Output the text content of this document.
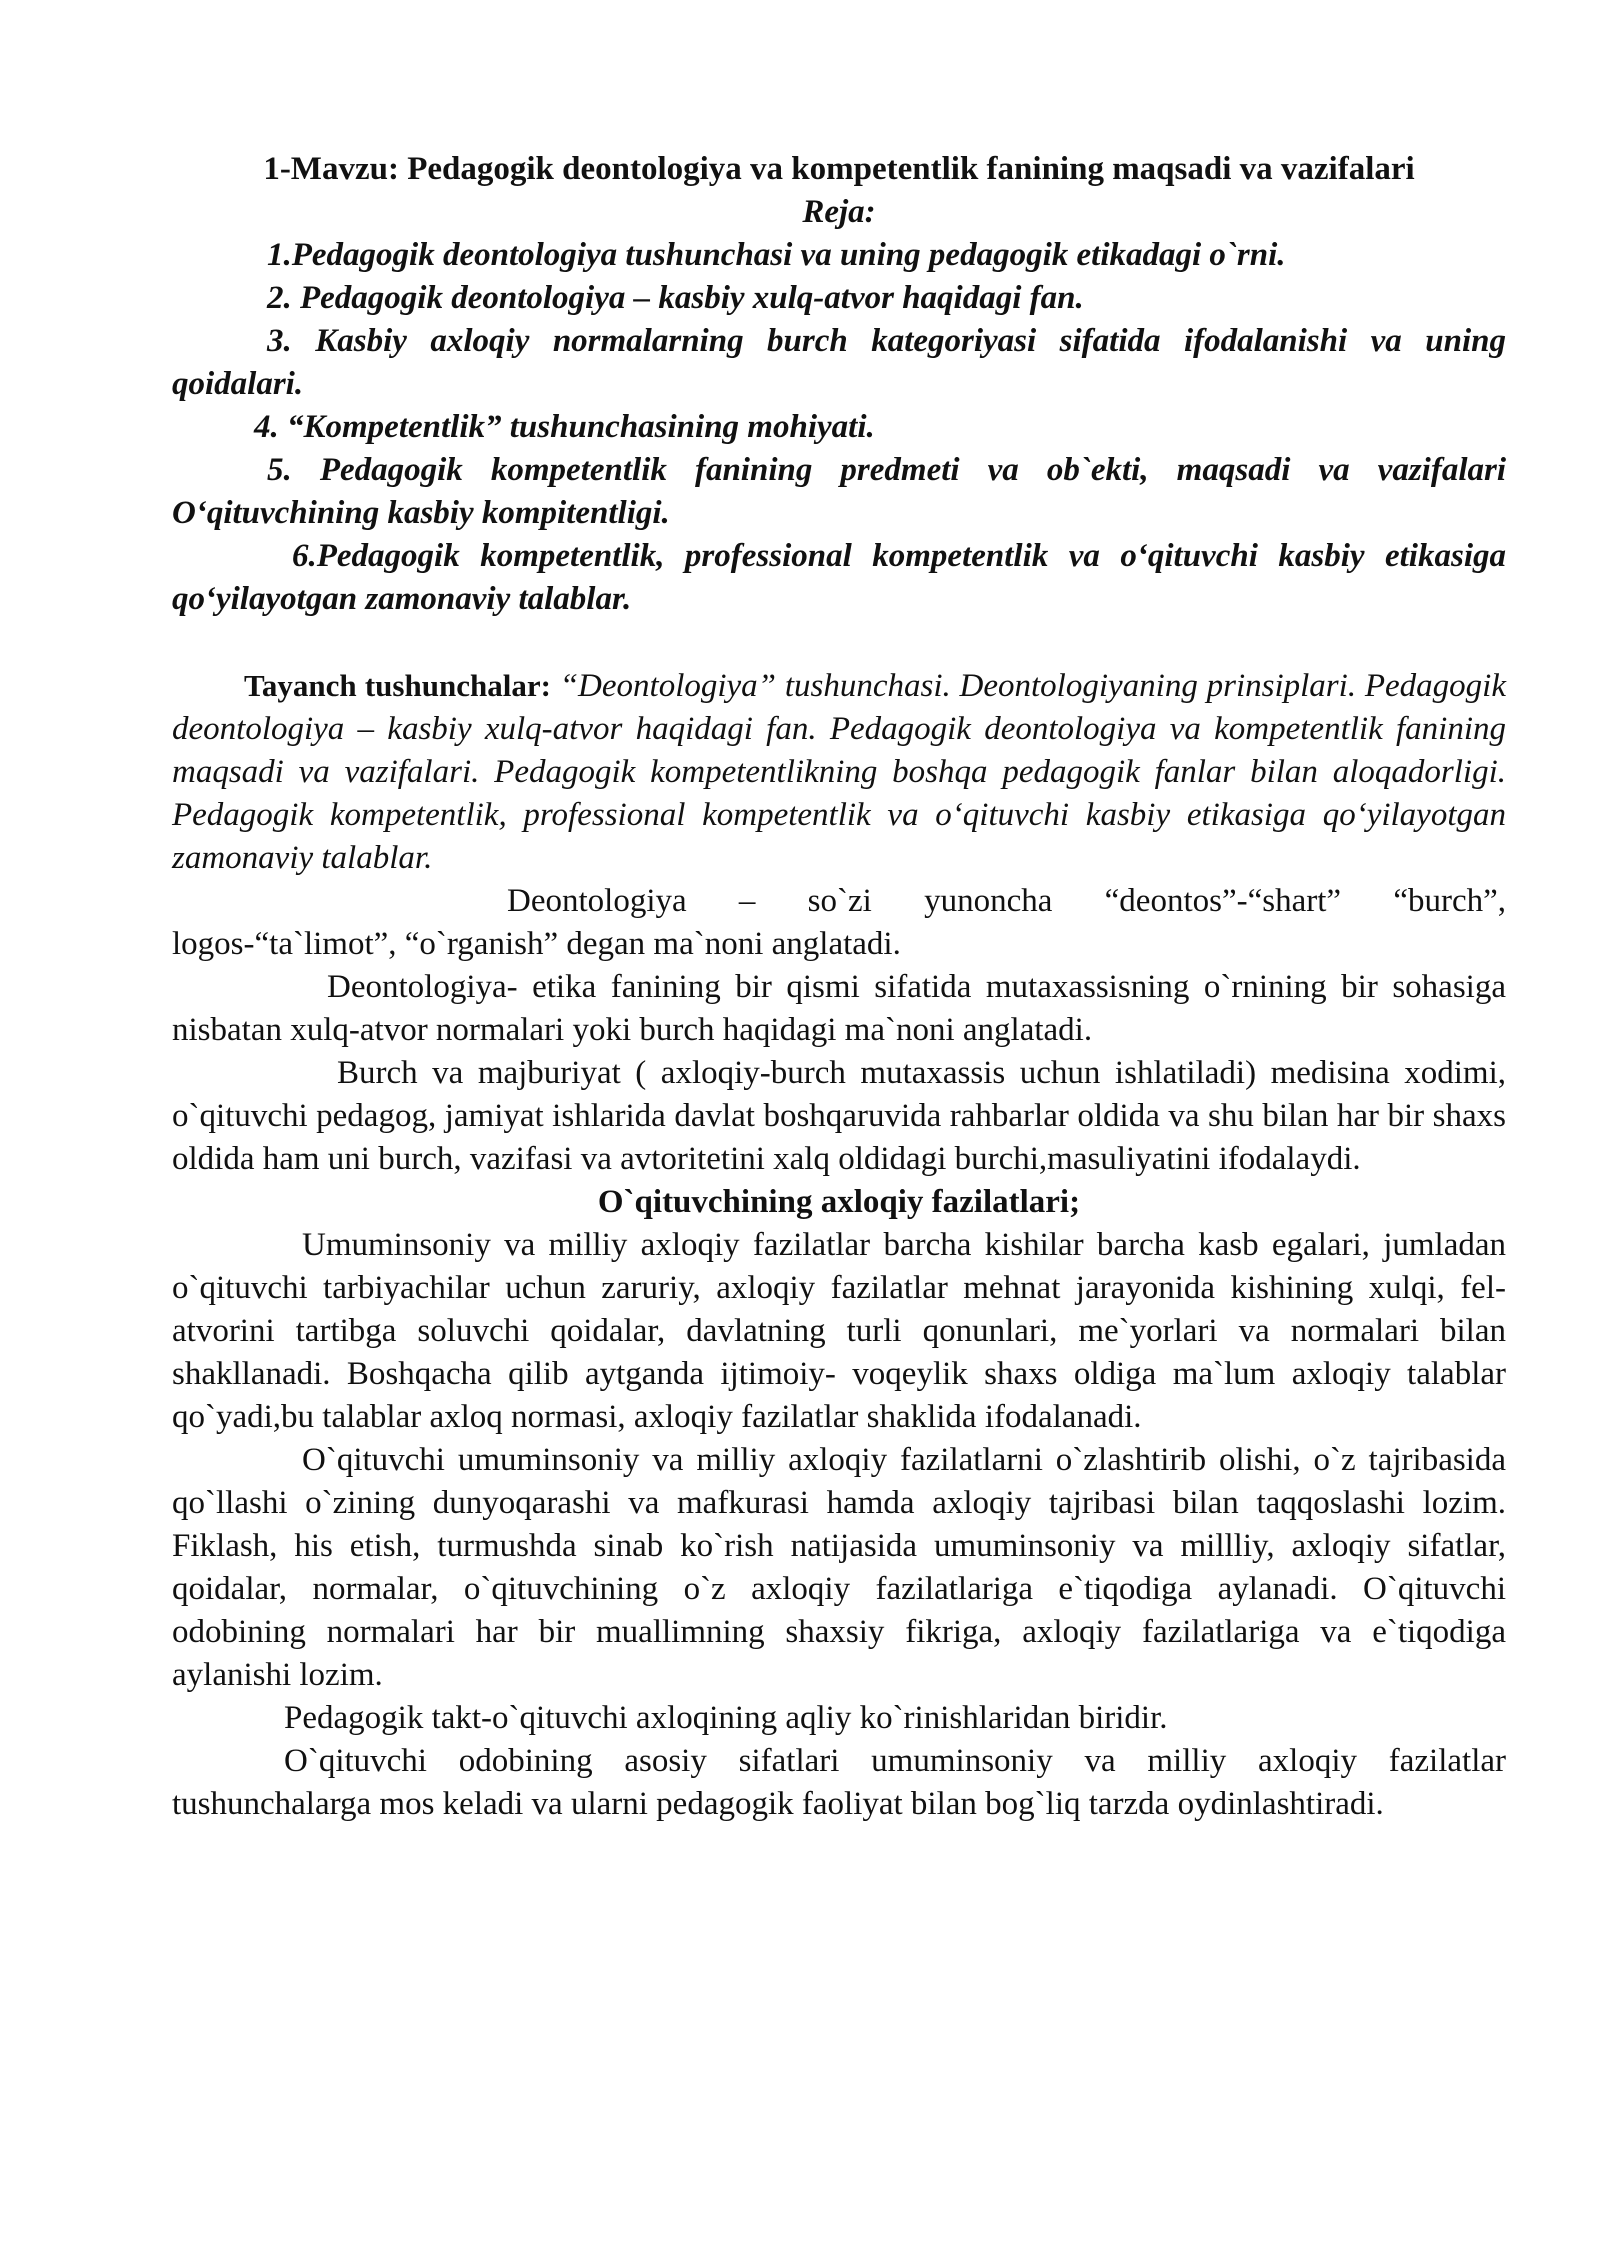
1-Mavzu: Pedagogik deontologiya va kompetentlik fanining maqsadi va vazifalari

Reja:

1.Pedagogik deontologiya tushunchasi va uning pedagogik etikadagi o`rni.
2. Pedagogik deontologiya – kasbiy xulq-atvor haqidagi fan.
3. Kasbiy axloqiy normalarning burch kategoriyasi sifatida ifodalanishi va uning qoidalari.
4. “Kompetentlik” tushunchasining mohiyati.
5. Pedagogik kompetentlik fanining predmeti va ob`ekti, maqsadi va vazifalari O‘qituvchining kasbiy kompitentligi.
6.Pedagogik kompetentlik, professional kompetentlik va o‘qituvchi kasbiy etikasiga qo‘yilayotgan zamonaviy talablar.

Tayanch tushunchalar: “Deontologiya” tushunchasi. Deontologiyaning prinsiplari. Pedagogik deontologiya – kasbiy xulq-atvor haqidagi fan. Pedagogik deontologiya va kompetentlik fanining maqsadi va vazifalari. Pedagogik kompetentlikning boshqa pedagogik fanlar bilan aloqadorligi. Pedagogik kompetentlik, professional kompetentlik va o‘qituvchi kasbiy etikasiga qo‘yilayotgan zamonaviy talablar.

Deontologiya – so`zi yunoncha “deontos”-“shart” “burch”, logos-“ta`limot”, “o`rganish” degan ma`noni anglatadi.

Deontologiya- etika fanining bir qismi sifatida mutaxassisning o`rnining bir sohasiga nisbatan xulq-atvor normalari yoki burch haqidagi ma`noni anglatadi.

Burch va majburiyat ( axloqiy-burch mutaxassis uchun ishlatiladi) medisina xodimi, o`qituvchi pedagog, jamiyat ishlarida davlat boshqaruvida rahbarlar oldida va shu bilan har bir shaxs oldida ham uni burch, vazifasi va avtoritetini xalq oldidagi burchi,masuliyatini ifodalaydi.

O`qituvchining axloqiy fazilatlari;

Umuminsoniy va milliy axloqiy fazilatlar barcha kishilar barcha kasb egalari, jumladan o`qituvchi tarbiyachilar uchun zaruriy, axloqiy fazilatlar mehnat jarayonida kishining xulqi, fel-atvorini tartibga soluvchi qoidalar, davlatning turli qonunlari, me`yorlari va normalari bilan shakllanadi. Boshqacha qilib aytganda ijtimoiy- voqeylik shaxs oldiga ma`lum axloqiy talablar qo`yadi,bu talablar axloq normasi, axloqiy fazilatlar shaklida ifodalanadi.

O`qituvchi umuminsoniy va milliy axloqiy fazilatlarni o`zlashtirib olishi, o`z tajribasida qo`llashi o`zining dunyoqarashi va mafkurasi hamda axloqiy tajribasi bilan taqqoslashi lozim. Fiklash, his etish, turmushda sinab ko`rish natijasida umuminsoniy va millliy, axloqiy sifatlar, qoidalar, normalar, o`qituvchining o`z axloqiy fazilatlariga e`tiqodiga aylanadi. O`qituvchi odobining normalari har bir muallimning shaxsiy fikriga, axloqiy fazilatlariga va e`tiqodiga aylanishi lozim.

Pedagogik takt-o`qituvchi axloqining aqliy ko`rinishlaridan biridir.

O`qituvchi odobining asosiy sifatlari umuminsoniy va milliy axloqiy fazilatlar tushunchalarga mos keladi va ularni pedagogik faoliyat bilan bog`liq tarzda oydinlashtiradi.
